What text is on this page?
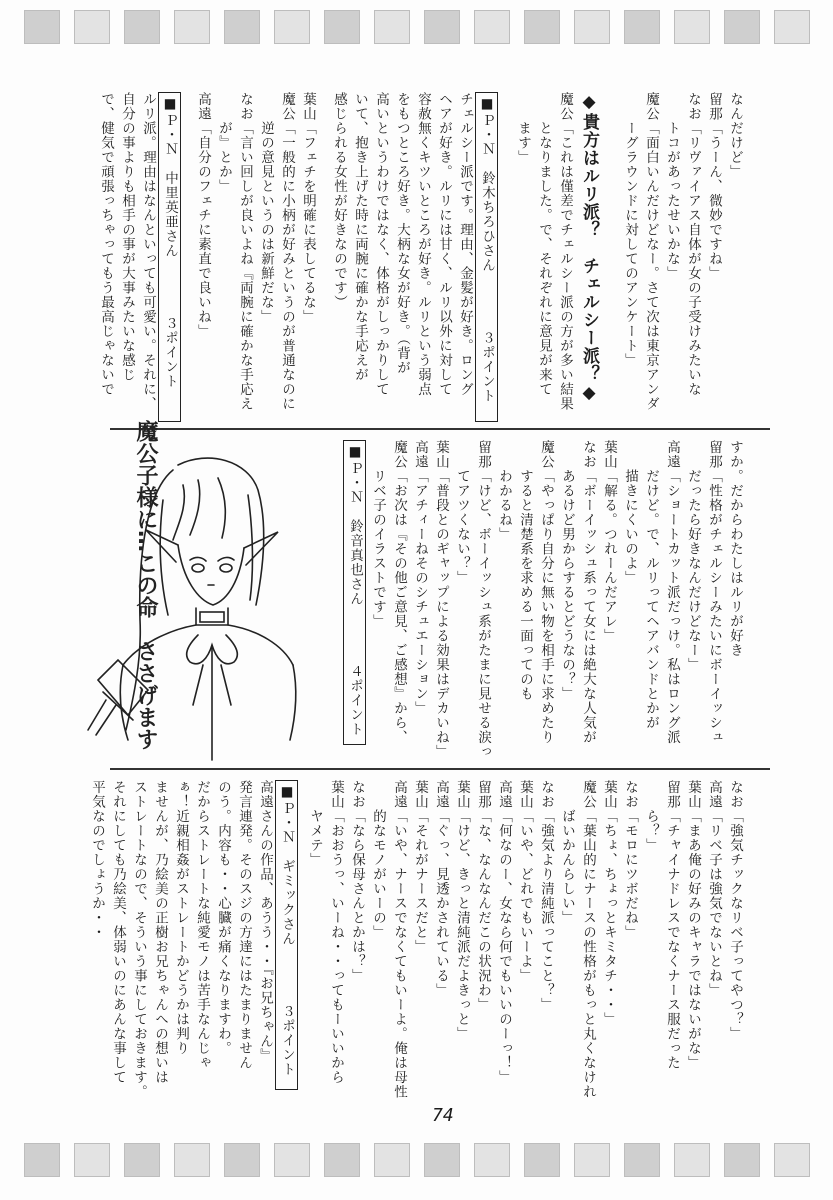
なんだけど」
留那「うーん、微妙ですね」
なお「リヴァイアス自体が女の子受けみたいな
　　トコがあったせいかな」
魔公「面白いんだけどなー。さて次は東京アンダ
　　ーグラウンドに対してのアンケート」
◆貴方はルリ派？　チェルシー派？◆
魔公「これは僅差でチェルシー派の方が多い結果
　　となりました。で、それぞれに意見が来て
　　ます」
■Ｐ・Ｎ　鈴木ちろひさん　　　　３ポイント
チェルシー派です。理由、金髪が好き。ロング
ヘアが好き。ルリには甘く、ルリ以外に対して
容赦無くキツいところが好き。ルリという弱点
をもつところ好き。大柄な女が好き。（背が
高いというわけではなく、体格がしっかりして
いて、抱き上げた時に両腕に確かな手応えが
感じられる女性が好きなのです）
葉山「フェチを明確に表してるな」
魔公「一般的に小柄が好みというのが普通なのに
　　逆の意見というのは新鮮だな」
なお「言い回しが良いよね『両腕に確かな手応え
　　が』とか」
高遠「自分のフェチに素直で良いね」
■Ｐ・Ｎ　中里英亜さん　　　　３ポイント
ルリ派。理由はなんといっても可愛い。それに、
自分の事よりも相手の事が大事みたいな感じ
で、健気で頑張っちゃってもう最高じゃないで
すか。だからわたしはルリが好き
留那「性格がチェルシーみたいにボーイッシュ
　　だったら好きなんだけどなー」
高遠「ショートカット派だっけ。私はロング派
　　だけど。で、ルリってヘアバンドとかが
　　描きにくいのよ」
葉山「解る。つれーんだアレ」
なお「ボーイッシュ系って女には絶大な人気が
　　あるけど男からするとどうなの？」
魔公「やっぱり自分に無い物を相手に求めたり
　　すると清楚系を求める一面ってのも
　　わかるね」
留那「けど、ボーイッシュ系がたまに見せる涙っ
　　てアツくない？」
葉山「普段とのギャップによる効果はデカいね」
高遠「アチィーねそのシチュエーション」
魔公「お次は『その他ご意見、ご感想』から、
　　リベ子のイラストです」
■Ｐ・Ｎ　鈴音真也さん　　　　４ポイント
魔公子様に…この命　ささげます
なお「強気チックなリベ子ってやつ？」
高遠「リベ子は強気でないとね」
葉山「まあ俺の好みのキャラではないがな」
留那「チャイナドレスでなくナース服だった
　　ら？」
なお「モロにツボだね」
葉山「ちょ、ちょっとキミタチ・・」
魔公「葉山的にナースの性格がもっと丸くなけれ
　　ばいかんらしい」
なお「強気より清純派ってこと？」
葉山「いや、どれでもいーよ」
高遠「何なのー、女なら何でもいいのーっ！」
留那「な、なんなんだこの状況わ」
葉山「けど、きっと清純派だよきっと」
高遠「ぐっ、見透かされている」
葉山「それがナースだと」
高遠「いや、ナースでなくてもいーよ。俺は母性
　　的なモノがいーの」
なお「なら保母さんとかは？」
葉山「おおうっ、いーね・・ってもーいいから
　　ヤメテ」
■Ｐ・Ｎ　ギミックさん　　　　３ポイント
高遠さんの作品、あうう・・『お兄ちゃん』
発言連発。そのスジの方達にはたまりません
のう。内容も・・心臓が痛くなりますわ。
だからストレートな純愛モノは苦手なんじゃ
ぁ！近親相姦がストレートかどうかは判り
ませんが、乃絵美の正樹お兄ちゃんへの想いは
ストレートなので、そういう事にしておきます。
それにしても乃絵美、体弱いのにあんな事して
平気なのでしょうか・・
74
